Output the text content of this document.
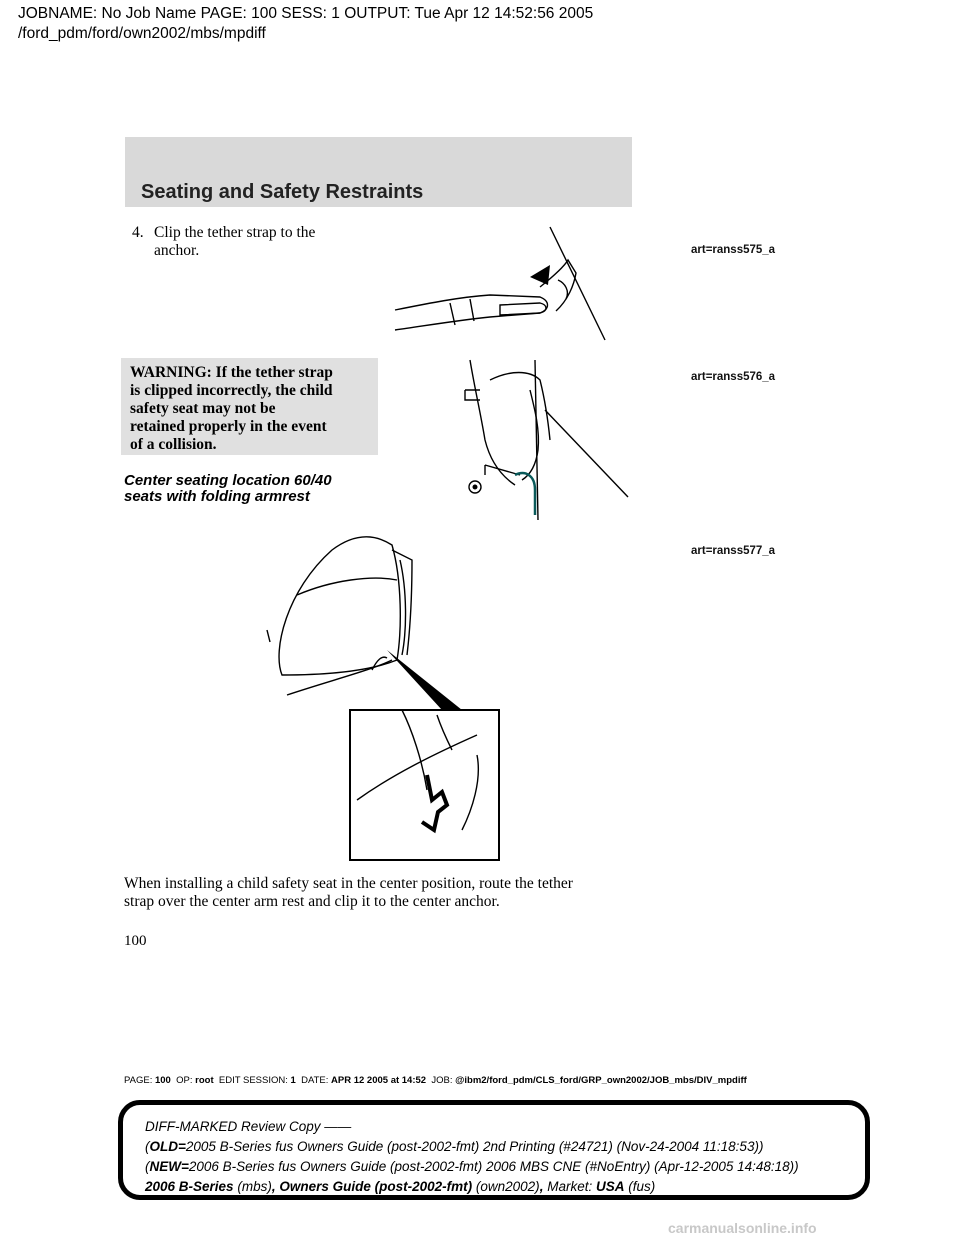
JOBNAME: No Job Name PAGE: 100 SESS: 1 OUTPUT: Tue Apr 12 14:52:56 2005
/ford_pdm/ford/own2002/mbs/mpdiff
Seating and Safety Restraints
4. Clip the tether strap to the
anchor.	art=ranss575_a
art=ranss576_a
art=ranss577_a
WARNING: If the tether strap
is clipped incorrectly, the child
safety seat may not be
retained properly in the event
of a collision.
Center seating location 60/40
seats with folding armrest
When installing a child safety seat in the center position, route the tether
strap over the center arm rest and clip it to the center anchor.
100
PAGE: 100 OP: root EDIT SESSION: 1 DATE: APR 12 2005 at 14:52 JOB: @ibm2/ford_pdm/CLS_ford/GRP_own2002/JOB_mbs/DIV_mpdiff
DIFF-MARKED Review Copy ——
(OLD=2005 B-Series fus Owners Guide (post-2002-fmt) 2nd Printing (#24721) (Nov-24-2004 11:18:53))
(NEW=2006 B-Series fus Owners Guide (post-2002-fmt) 2006 MBS CNE (#NoEntry) (Apr-12-2005 14:48:18))
2006 B-Series (mbs), Owners Guide (post-2002-fmt) (own2002), Market: USA (fus)
carmanualsonline.info
